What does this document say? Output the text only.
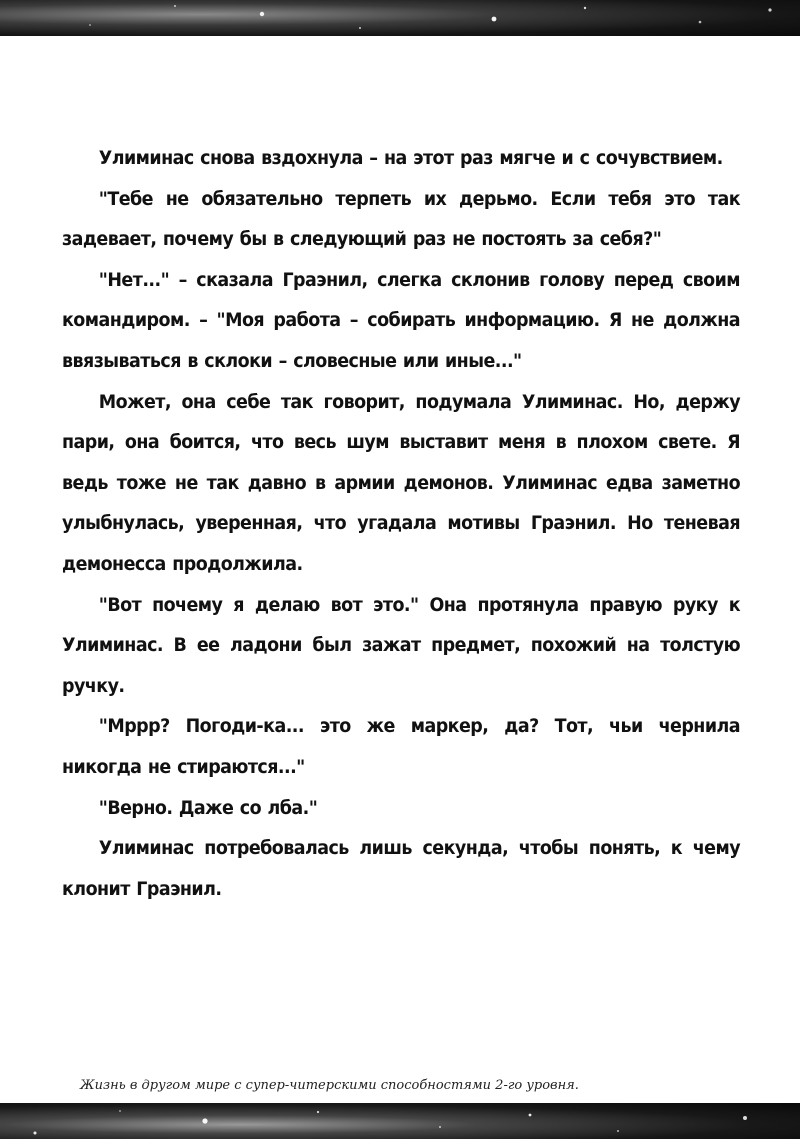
Улиминас снова вздохнула – на этот раз мягче и с сочувствием.

"Тебе не обязательно терпеть их дерьмо. Если тебя это так задевает, почему бы в следующий раз не постоять за себя?"

"Нет..." – сказала Граэнил, слегка склонив голову перед своим командиром. – "Моя работа – собирать информацию. Я не должна ввязываться в склоки – словесные или иные..."

Может, она себе так говорит, подумала Улиминас. Но, держу пари, она боится, что весь шум выставит меня в плохом свете. Я ведь тоже не так давно в армии демонов. Улиминас едва заметно улыбнулась, уверенная, что угадала мотивы Граэнил. Но теневая демонесса продолжила.

"Вот почему я делаю вот это." Она протянула правую руку к Улиминас. В ее ладони был зажат предмет, похожий на толстую ручку.

"Мррр? Погоди-ка... это же маркер, да? Тот, чьи чернила никогда не стираются..."

"Верно. Даже со лба."

Улиминас потребовалась лишь секунда, чтобы понять, к чему клонит Граэнил.

Жизнь в другом мире с супер-читерскими способностями 2-го уровня.
